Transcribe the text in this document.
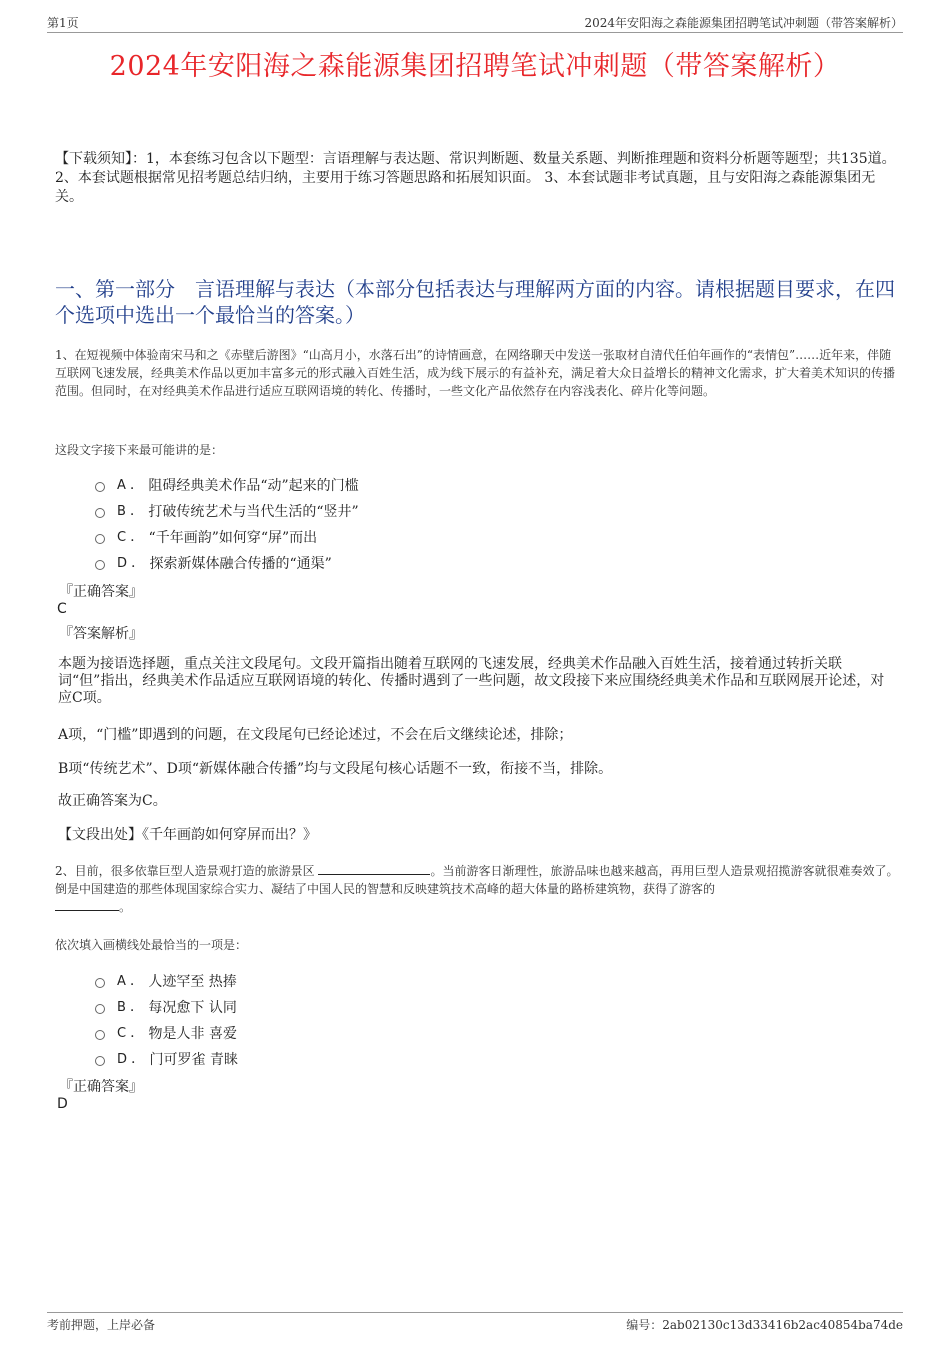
第1页	2024年安阳海之森能源集团招聘笔试冲刺题（带答案解析）
2024年安阳海之森能源集团招聘笔试冲刺题（带答案解析）
【下载须知】：1，本套练习包含以下题型：言语理解与表达题、常识判断题、数量关系题、判断推理题和资料分析题等题型；共135道。 2、本套试题根据常见招考题总结归纳，主要用于练习答题思路和拓展知识面。 3、本套试题非考试真题，且与安阳海之森能源集团无关。
一、第一部分　言语理解与表达（本部分包括表达与理解两方面的内容。请根据题目要求，在四个选项中选出一个最恰当的答案。）
1、在短视频中体验南宋马和之《赤壁后游图》“山高月小，水落石出”的诗情画意，在网络聊天中发送一张取材自清代任伯年画作的“表情包”……近年来，伴随互联网飞速发展，经典美术作品以更加丰富多元的形式融入百姓生活，成为线下展示的有益补充，满足着大众日益增长的精神文化需求，扩大着美术知识的传播范围。但同时，在对经典美术作品进行适应互联网语境的转化、传播时，一些文化产品依然存在内容浅表化、碎片化等问题。
这段文字接下来最可能讲的是：
A . 阻碍经典美术作品“动”起来的门槛
B . 打破传统艺术与当代生活的“竖井”
C . “千年画韵”如何穿“屏”而出
D . 探索新媒体融合传播的“通渠”
『正确答案』
C
『答案解析』
本题为接语选择题，重点关注文段尾句。文段开篇指出随着互联网的飞速发展，经典美术作品融入百姓生活，接着通过转折关联词“但”指出，经典美术作品适应互联网语境的转化、传播时遇到了一些问题，故文段接下来应围绕经典美术作品和互联网展开论述，对应C项。
A项，“门槛”即遇到的问题，在文段尾句已经论述过，不会在后文继续论述，排除；
B项“传统艺术”、D项“新媒体融合传播”均与文段尾句核心话题不一致，衔接不当，排除。
故正确答案为C。
【文段出处】《千年画韵如何穿屏而出？》
2、目前，很多依靠巨型人造景观打造的旅游景区	。当前游客日渐理性，旅游品味也越来越高，再用巨型人造景观招揽游客就很难奏效了。倒是中国建造的那些体现国家综合实力、凝结了中国人民的智慧和反映建筑技术高峰的超大体量的路桥建筑物，获得了游客的
。
依次填入画横线处最恰当的一项是：
A . 人迹罕至 热捧
B . 每况愈下 认同
C . 物是人非 喜爱
D . 门可罗雀 青睐
『正确答案』
D
考前押题，上岸必备	编号：2ab02130c13d33416b2ac40854ba74de
